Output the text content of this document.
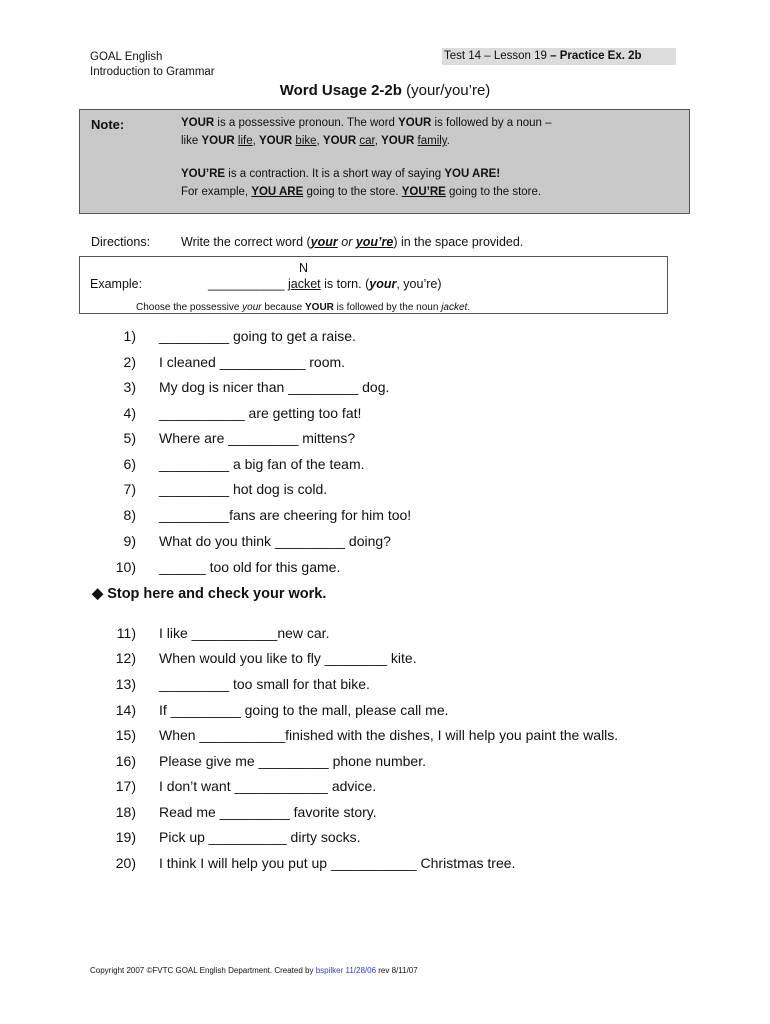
GOAL English
Introduction to Grammar
Test 14 – Lesson 19 – Practice Ex. 2b
Word Usage 2-2b (your/you’re)
Note:	YOUR is a possessive pronoun. The word YOUR is followed by a noun –
like YOUR life, YOUR bike, YOUR car, YOUR family.
YOU’RE is a contraction. It is a short way of saying YOU ARE!
For example, YOU ARE going to the store. YOU’RE going to the store.
Directions: Write the correct word (your or you’re) in the space provided.
N
Example:	___________ jacket is torn. (your, you’re)
Choose the possessive your because YOUR is followed by the noun jacket.
1) _________ going to get a raise.
2) I cleaned ___________ room.
3) My dog is nicer than _________ dog.
4) ___________ are getting too fat!
5) Where are _________ mittens?
6) _________ a big fan of the team.
7) _________ hot dog is cold.
8) _________fans are cheering for him too!
9) What do you think _________ doing?
10) ______ too old for this game.
◆ Stop here and check your work.
11) I like ___________new car.
12) When would you like to fly ________ kite.
13) _________ too small for that bike.
14) If _________ going to the mall, please call me.
15) When ___________finished with the dishes, I will help you paint the walls.
16) Please give me _________ phone number.
17) I don’t want ____________ advice.
18) Read me _________ favorite story.
19) Pick up __________ dirty socks.
20) I think I will help you put up ___________ Christmas tree.
Copyright 2007 ©FVTC GOAL English Department. Created by bspilker 11/28/06 rev 8/11/07
